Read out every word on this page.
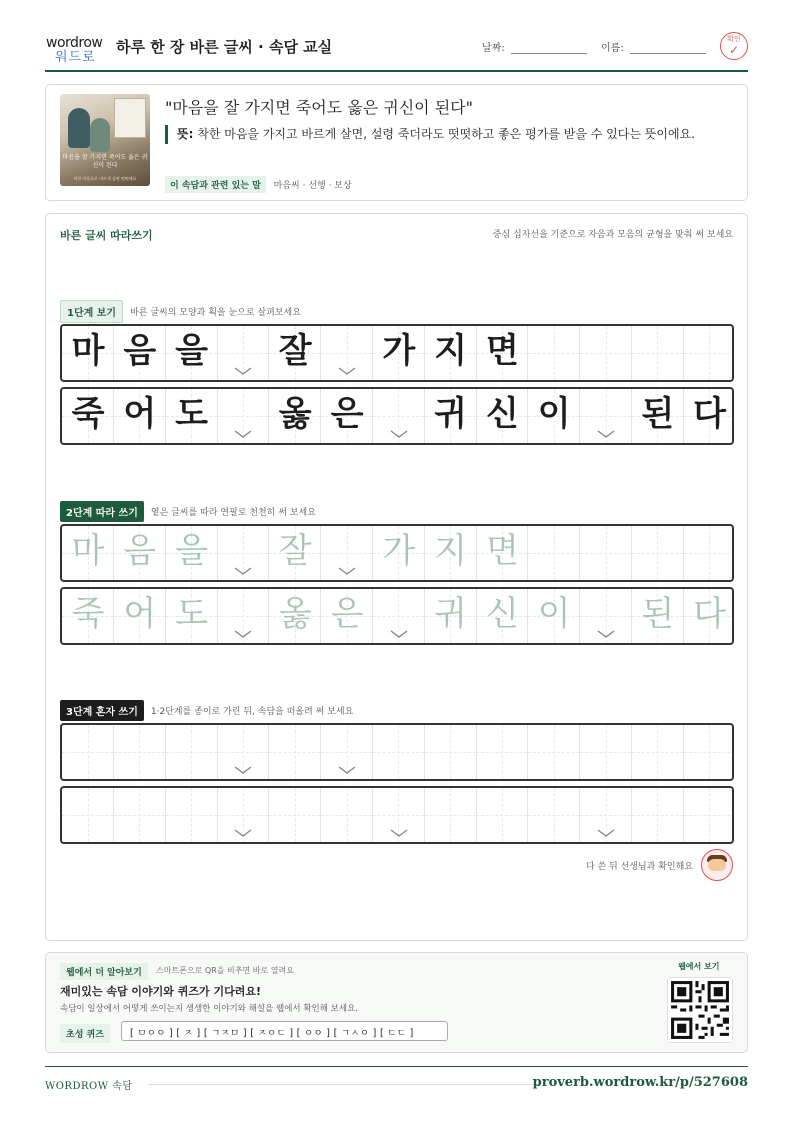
wordrow
워드로
하루 한 장 바른 글씨 · 속담 교실	날짜:	이름:
확인
✓
마음을 잘 가지면 죽어도 옳은 귀신이 된다
착한 마음으로 바르게 살면 떳떳해요
"마음을 잘 가지면 죽어도 옳은 귀신이 된다"
뜻: 착한 마음을 가지고 바르게 살면, 설령 죽더라도 떳떳하고 좋은 평가를 받을 수 있다는 뜻이에요.
이 속담과 관련 있는 말 마음씨 · 선행 · 보상
바른 글씨 따라쓰기	중심 십자선을 기준으로 자음과 모음의 균형을 맞춰 써 보세요
1단계 보기	바른 글씨의 모양과 획을 눈으로 살펴보세요
마 음 을 잘 가 지 면
죽 어 도 옳 은 귀 신 이 된 다
2단계 따라 쓰기	옅은 글씨를 따라 연필로 천천히 써 보세요
마 음 을 잘 가 지 면
죽 어 도 옳 은 귀 신 이 된 다
3단계 혼자 쓰기	1·2단계를 종이로 가린 뒤, 속담을 떠올려 써 보세요
다 쓴 뒤 선생님과 확인해요
웹에서 더 알아보기	스마트폰으로 QR을 비추면 바로 열려요
재미있는 속담 이야기와 퀴즈가 기다려요!
속담이 일상에서 어떻게 쓰이는지 생생한 이야기와 해설을 웹에서 확인해 보세요.
초성 퀴즈	[ ㅁㅇㅇ ] [ ㅈ ] [ ㄱㅈㅁ ] [ ㅈㅇㄷ ] [ ㅇㅇ ] [ ㄱㅅㅇ ] [ ㄷㄷ ]
웹에서 보기
WORDROW 속담	proverb.wordrow.kr/p/527608
